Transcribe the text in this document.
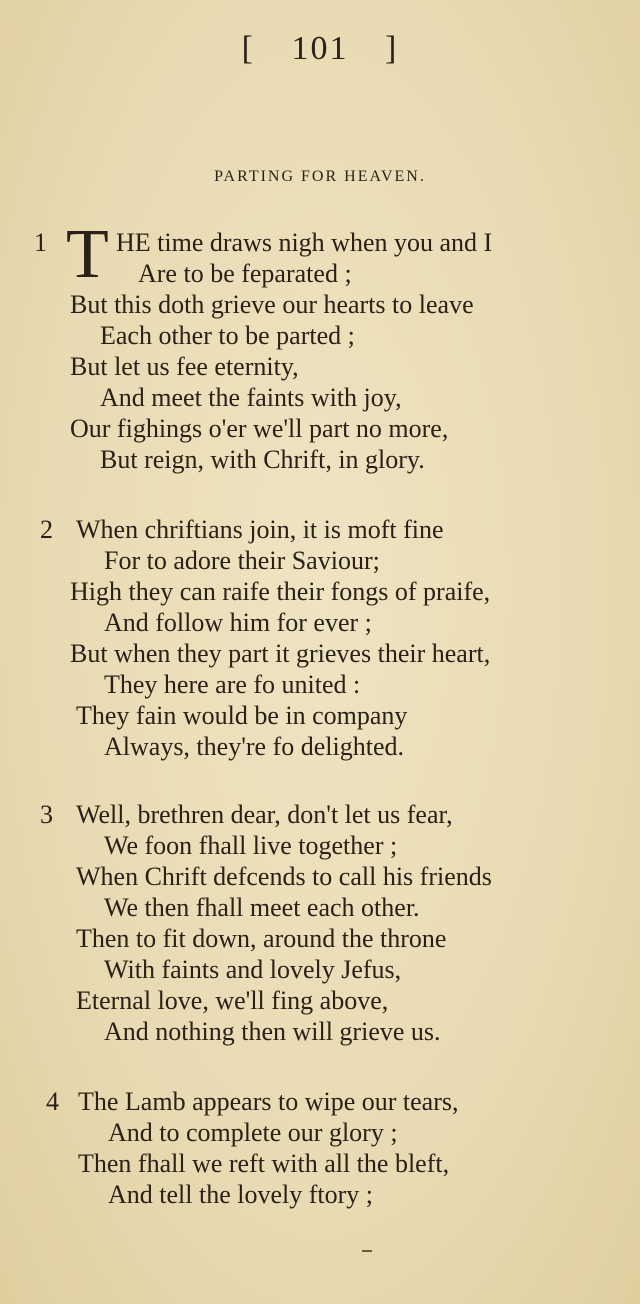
[ 101 ]
PARTING FOR HEAVEN.
1 T HE time draws nigh when you and I
Are to be feparated ;
But this doth grieve our hearts to leave
Each other to be parted ;
But let us fee eternity,
And meet the faints with joy,
Our fighings o'er we'll part no more,
But reign, with Chrift, in glory.
2 When chriftians join, it is moft fine
For to adore their Saviour;
High they can raife their fongs of praife,
And follow him for ever ;
But when they part it grieves their heart,
They here are fo united :
They fain would be in company
Always, they're fo delighted.
3 Well, brethren dear, don't let us fear,
We foon fhall live together ;
When Chrift defcends to call his friends
We then fhall meet each other.
Then to fit down, around the throne
With faints and lovely Jefus,
Eternal love, we'll fing above,
And nothing then will grieve us.
4 The Lamb appears to wipe our tears,
And to complete our glory ;
Then fhall we reft with all the bleft,
And tell the lovely ftory ;
